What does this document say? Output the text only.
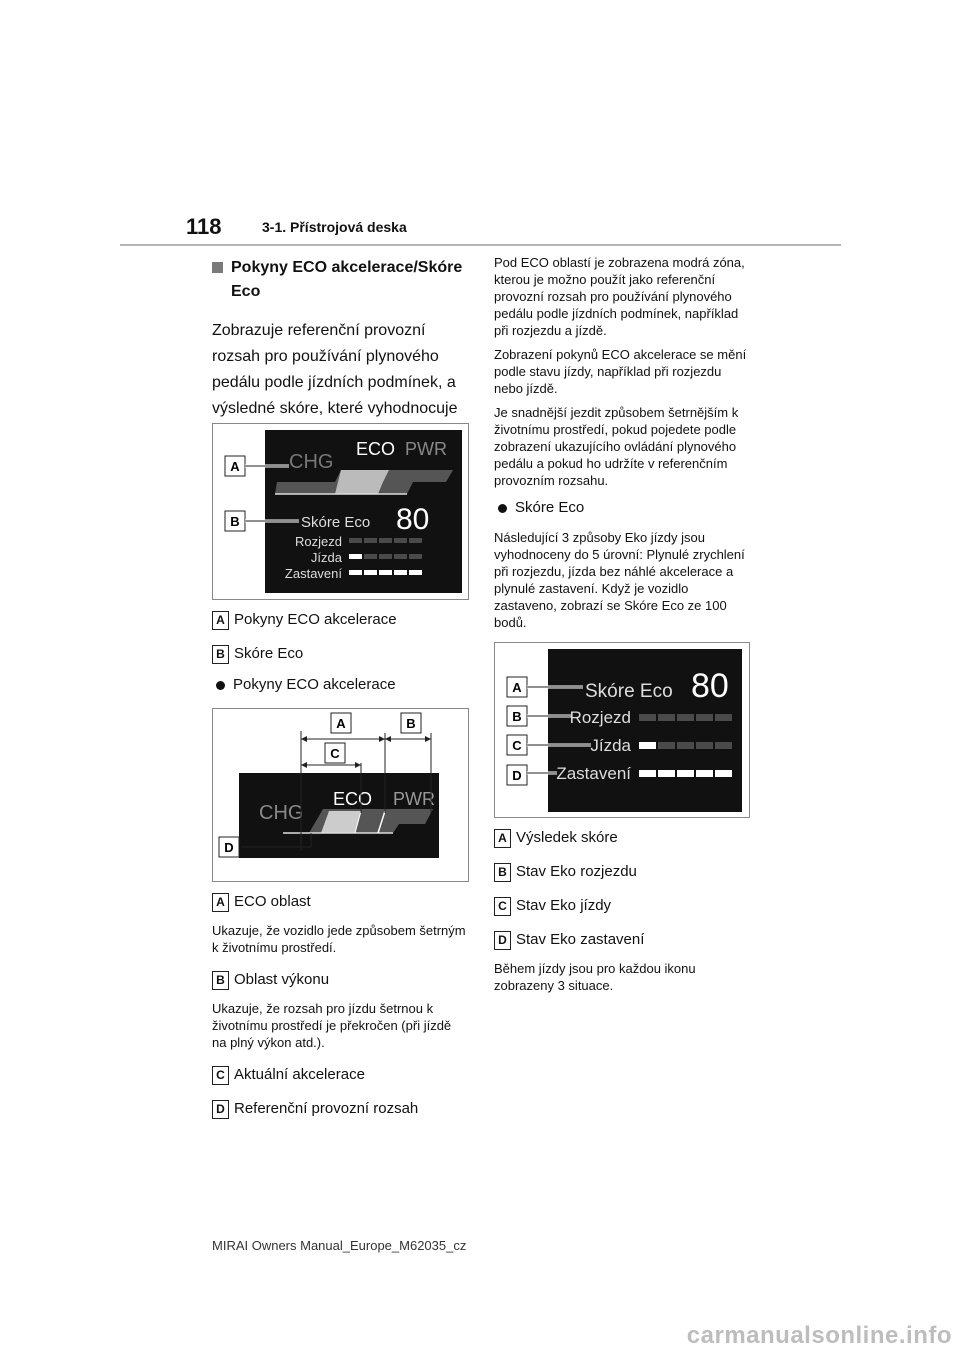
118	3-1. Přístrojová deska
Pokyny ECO akcelerace/Skóre Eco
Zobrazuje referenční provozní rozsah pro používání plynového pedálu podle jízdních podmínek, a výsledné skóre, které vyhodnocuje
CHG
ECO PWR
Skóre Eco 80
Rozjezd
Jízda
Zastavení
A
B
A Pokyny ECO akcelerace
B Skóre Eco
Pokyny ECO akcelerace
CHG
ECO PWR
A	B
C
D
A ECO oblast

Ukazuje, že vozidlo jede způsobem šetrným k životnímu prostředí.

B Oblast výkonu

Ukazuje, že rozsah pro jízdu šetrnou k životnímu prostředí je překročen (při jízdě na plný výkon atd.).

C Aktuální akcelerace
D Referenční provozní rozsah

Pod ECO oblastí je zobrazena modrá zóna, kterou je možno použít jako referenční provozní rozsah pro používání plynového pedálu podle jízdních podmínek, například při rozjezdu a jízdě.

Zobrazení pokynů ECO akcelerace se mění podle stavu jízdy, například při rozjezdu nebo jízdě.

Je snadnější jezdit způsobem šetrnějším k životnímu prostředí, pokud pojedete podle zobrazení ukazujícího ovládání plynového pedálu a pokud ho udržíte v referenčním provozním rozsahu.

Skóre Eco

Následující 3 způsoby Eko jízdy jsou vyhodnoceny do 5 úrovní: Plynulé zrychlení při rozjezdu, jízda bez náhlé akcelerace a plynulé zastavení. Když je vozidlo zastaveno, zobrazí se Skóre Eco ze 100 bodů.

Skóre Eco 80
Rozjezd
Jízda
Zastavení
A
B
C
D
A Výsledek skóre
B Stav Eko rozjezdu
C Stav Eko jízdy
D Stav Eko zastavení

Během jízdy jsou pro každou ikonu zobrazeny 3 situace.

MIRAI Owners Manual_Europe_M62035_cz
carmanualsonline.info
